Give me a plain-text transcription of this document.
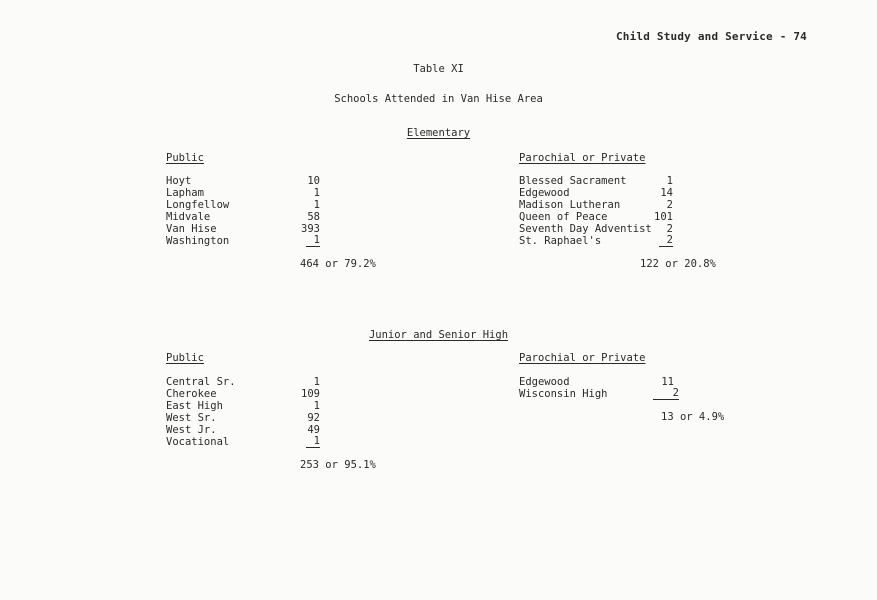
Child Study and Service - 74
Table XI
Schools Attended in Van Hise Area
Elementary
Public
Hoyt	10
Lapham	1
Longfellow	1
Midvale	58
Van Hise	393
Washington	1
464 or 79.2%
Parochial or Private
Blessed Sacrament	1
Edgewood	14
Madison Lutheran	2
Queen of Peace	101
Seventh Day Adventist 2
St. Raphael's	2
122 or 20.8%
Junior and Senior High
Public
Central Sr.	1
Cherokee	109
East High	1
West Sr.	92
West Jr.	49
Vocational	1
253 or 95.1%
Parochial or Private
Edgewood	11
Wisconsin High	2
13 or 4.9%
